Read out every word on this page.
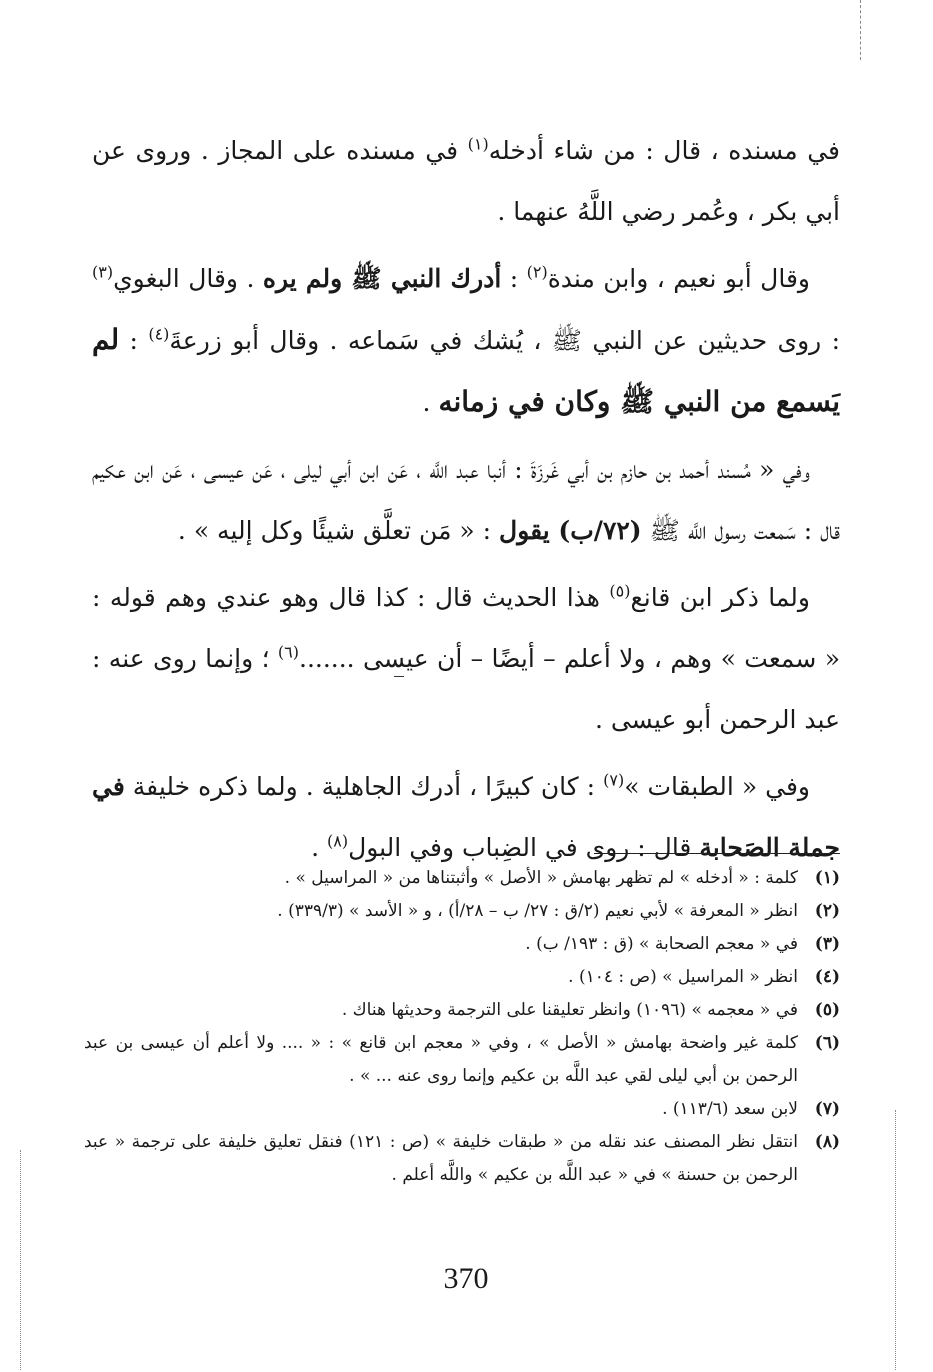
في مسنده ، قال : من شاء أدخله$^{(١)}$ في مسنده على المجاز . وروى عن أبي بكر ، وعُمر رضي اللَّهُ عنهما .

وقال أبو نعيم ، وابن مندة$^{(٢)}$ : أدرك النبي ﷺ ولم يره . وقال البغوي$^{(٣)}$ : روى حديثين عن النبي ﷺ ، يُشك في سَماعه . وقال أبو زرعةَ$^{(٤)}$ : لم يَسمع من النبي ﷺ وكان في زمانه .

وفي « مُسند أحمد بن حازم بن أبي غَرزَةَ : أنبا عبد اللَّه ، عَن ابن أبي ليلى ، عَن عيسى ، عَن ابن عكيم قال : سَمعت رسول اللَّه ﷺ (٧٢/ب) يقول : « مَن تعلَّق شيئًا وكل إليه » .

ولما ذكر ابن قانع$^{(٥)}$ هذا الحديث قال : كذا قال وهو عندي وهم قوله : « سمعت » وهم ، ولا أعلم – أيضًا – أن عيسى .......$^{(٦)}$ ؛ وإنما روى عنه : عبد الرحمن أبو عيسى .

وفي « الطبقات »$^{(٧)}$ : كان كبيرًا ، أدرك الجاهلية . ولما ذكره خليفة في جملة الصَحابة قال : روى في الضِباب وفي البول$^{(٨)}$ .

(١)
كلمة : « أدخله » لم تظهر بهامش « الأصل » وأثبتناها من « المراسيل » .
(٢)
انظر « المعرفة » لأبي نعيم (٢/ق : ٢٧/ ب – ٢٨/أ) ، و « الأسد » (٣٣٩/٣) .
(٣)
في « معجم الصحابة » (ق : ١٩٣/ ب) .
(٤)
انظر « المراسيل » (ص : ١٠٤) .
(٥)
في « معجمه » (١٠٩٦) وانظر تعليقنا على الترجمة وحديثها هناك .
(٦)
كلمة غير واضحة بهامش « الأصل » ، وفي « معجم ابن قانع » : « .... ولا أعلم أن عيسى بن عبد الرحمن بن أبي ليلى لقي عبد اللَّه بن عكيم وإنما روى عنه ... » .
(٧)
لابن سعد (١١٣/٦) .
(٨)
انتقل نظر المصنف عند نقله من « طبقات خليفة » (ص : ١٢١) فنقل تعليق خليفة على ترجمة « عبد الرحمن بن حسنة » في « عبد اللَّه بن عكيم » واللَّه أعلم .
370
